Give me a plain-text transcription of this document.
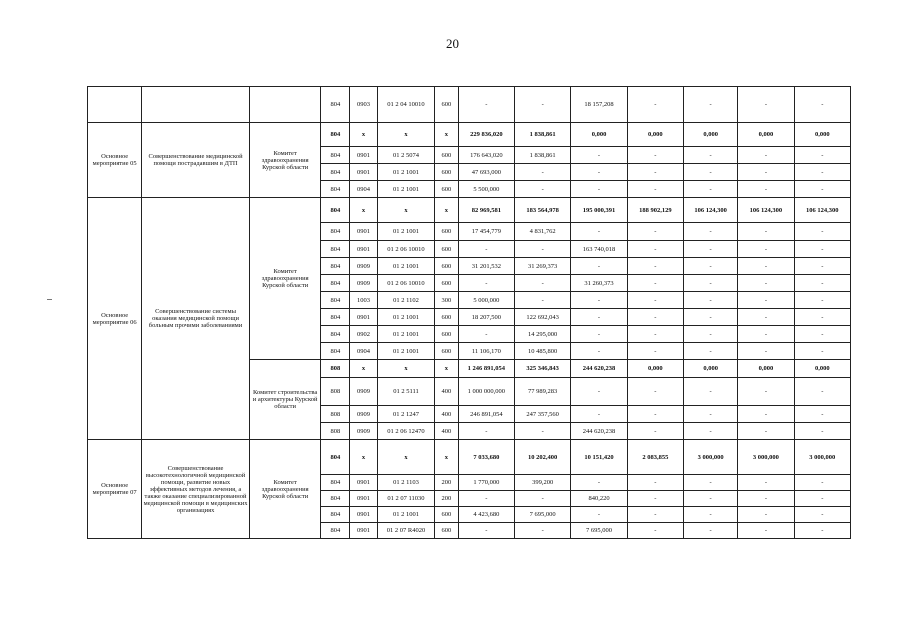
20
			804	0903	01 2 04 10010	600	-	-	18 157,208	-	-	-	-
Основное мероприятие 05	Совершенствование медицинской помощи пострадавшим в ДТП	Комитет здравоохранения Курской области	804	х	х	х	229 836,020	1 838,861	0,000	0,000	0,000	0,000	0,000
			804	0901	01 2 5074	600	176 643,020	1 838,861	-	-	-	-	-
			804	0901	01 2 1001	600	47 693,000	-	-	-	-	-	-
			804	0904	01 2 1001	600	5 500,000	-	-	-	-	-	-
Основное мероприятие 06	Совершенствование системы оказания медицинской помощи больным прочими заболеваниями	Комитет здравоохранения Курской области	804	х	х	х	82 969,581	183 564,978	195 000,391	188 902,129	106 124,300	106 124,300	106 124,300
			804	0901	01 2 1001	600	17 454,779	4 831,762	-	-	-	-	-
			804	0901	01 2 06 10010	600	-	-	163 740,018	-	-	-	-
			804	0909	01 2 1001	600	31 201,532	31 269,373	-	-	-	-	-
			804	0909	01 2 06 10010	600	-	-	31 260,373	-	-	-	-
			804	1003	01 2 1102	300	5 000,000	-	-	-	-	-	-
			804	0901	01 2 1001	600	18 207,500	122 692,043	-	-	-	-	-
			804	0902	01 2 1001	600	-	14 295,000	-	-	-	-	-
			804	0904	01 2 1001	600	11 106,170	10 485,800	-	-	-	-	-
		Комитет строительства и архитектуры Курской области	808	х	х	х	1 246 891,054	325 346,843	244 620,238	0,000	0,000	0,000	0,000
			808	0909	01 2 5111	400	1 000 000,000	77 989,283	-	-	-	-	-
			808	0909	01 2 1247	400	246 891,054	247 357,560	-	-	-	-	-
			808	0909	01 2 06 12470	400	-	-	244 620,238	-	-	-	-
Основное мероприятие 07	Совершенствование высокотехнологичной медицинской помощи, развитие новых эффективных методов лечения, а также оказание специализированной медицинской помощи в медицинских организациях	Комитет здравоохранения Курской области	804	х	х	х	7 033,680	10 202,400	10 151,420	2 083,855	3 000,000	3 000,000	3 000,000
			804	0901	01 2 1103	200	1 770,000	399,200	-	-	-	-	-
			804	0901	01 2 07 11030	200	-	-	840,220	-	-	-	-
			804	0901	01 2 1001	600	4 423,680	7 695,000	-	-	-	-	-
			804	0901	01 2 07 R4020	600	-	-	7 695,000	-	-	-	-
